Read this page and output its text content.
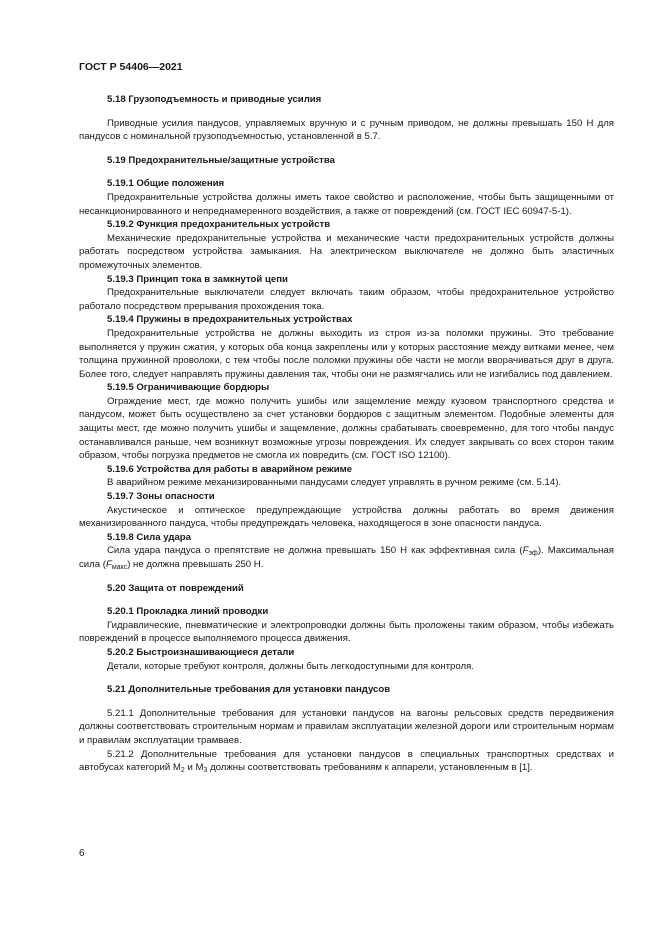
ГОСТ Р 54406—2021
5.18 Грузоподъемность и приводные усилия

Приводные усилия пандусов, управляемых вручную и с ручным приводом, не должны превышать 150 Н для пандусов с номинальной грузоподъемностью, установленной в 5.7.

5.19 Предохранительные/защитные устройства
5.19.1 Общие положения

Предохранительные устройства должны иметь такое свойство и расположение, чтобы быть защищенными от несанкционированного и непреднамеренного воздействия, а также от повреждений (см. ГОСТ IEC 60947-5-1).

5.19.2 Функция предохранительных устройств

Механические предохранительные устройства и механические части предохранительных устройств должны работать посредством устройства замыкания. На электрическом выключателе не должно быть эластичных промежуточных элементов.

5.19.3 Принцип тока в замкнутой цепи

Предохранительные выключатели следует включать таким образом, чтобы предохранительное устройство работало посредством прерывания прохождения тока.

5.19.4 Пружины в предохранительных устройствах

Предохранительные устройства не должны выходить из строя из-за поломки пружины. Это требование выполняется у пружин сжатия, у которых оба конца закреплены или у которых расстояние между витками менее, чем толщина пружинной проволоки, с тем чтобы после поломки пружины обе части не могли вворачиваться друг в друга. Более того, следует направлять пружины давления так, чтобы они не размягчались или не изгибались под давлением.

5.19.5 Ограничивающие бордюры

Ограждение мест, где можно получить ушибы или защемление между кузовом транспортного средства и пандусом, может быть осуществлено за счет установки бордюров с защитным элементом. Подобные элементы для защиты мест, где можно получить ушибы и защемление, должны срабатывать своевременно, для того чтобы пандус останавливался раньше, чем возникнут возможные угрозы повреждения. Их следует закрывать со всех сторон таким образом, чтобы погрузка предметов не смогла их повредить (см. ГОСТ ISO 12100).

5.19.6 Устройства для работы в аварийном режиме

В аварийном режиме механизированными пандусами следует управлять в ручном режиме (см. 5.14).

5.19.7 Зоны опасности

Акустическое и оптическое предупреждающие устройства должны работать во время движения механизированного пандуса, чтобы предупреждать человека, находящегося в зоне опасности пандуса.

5.19.8 Сила удара

Сила удара пандуса о препятствие не должна превышать 150 Н как эффективная сила $(F_{эф})$. Максимальная сила $(F_{макс})$ не должна превышать 250 Н.

5.20 Защита от повреждений
5.20.1 Прокладка линий проводки

Гидравлические, пневматические и электропроводки должны быть проложены таким образом, чтобы избежать повреждений в процессе выполняемого процесса движения.

5.20.2 Быстроизнашивающиеся детали

Детали, которые требуют контроля, должны быть легкодоступными для контроля.

5.21 Дополнительные требования для установки пандусов

5.21.1 Дополнительные требования для установки пандусов на вагоны рельсовых средств передвижения должны соответствовать строительным нормам и правилам эксплуатации железной дороги или строительным нормам и правилам эксплуатации трамваев.

5.21.2 Дополнительные требования для установки пандусов в специальных транспортных средствах и автобусах категорий $М_2$ и $М_3$ должны соответствовать требованиям к аппарели, установленным в [1].

6
